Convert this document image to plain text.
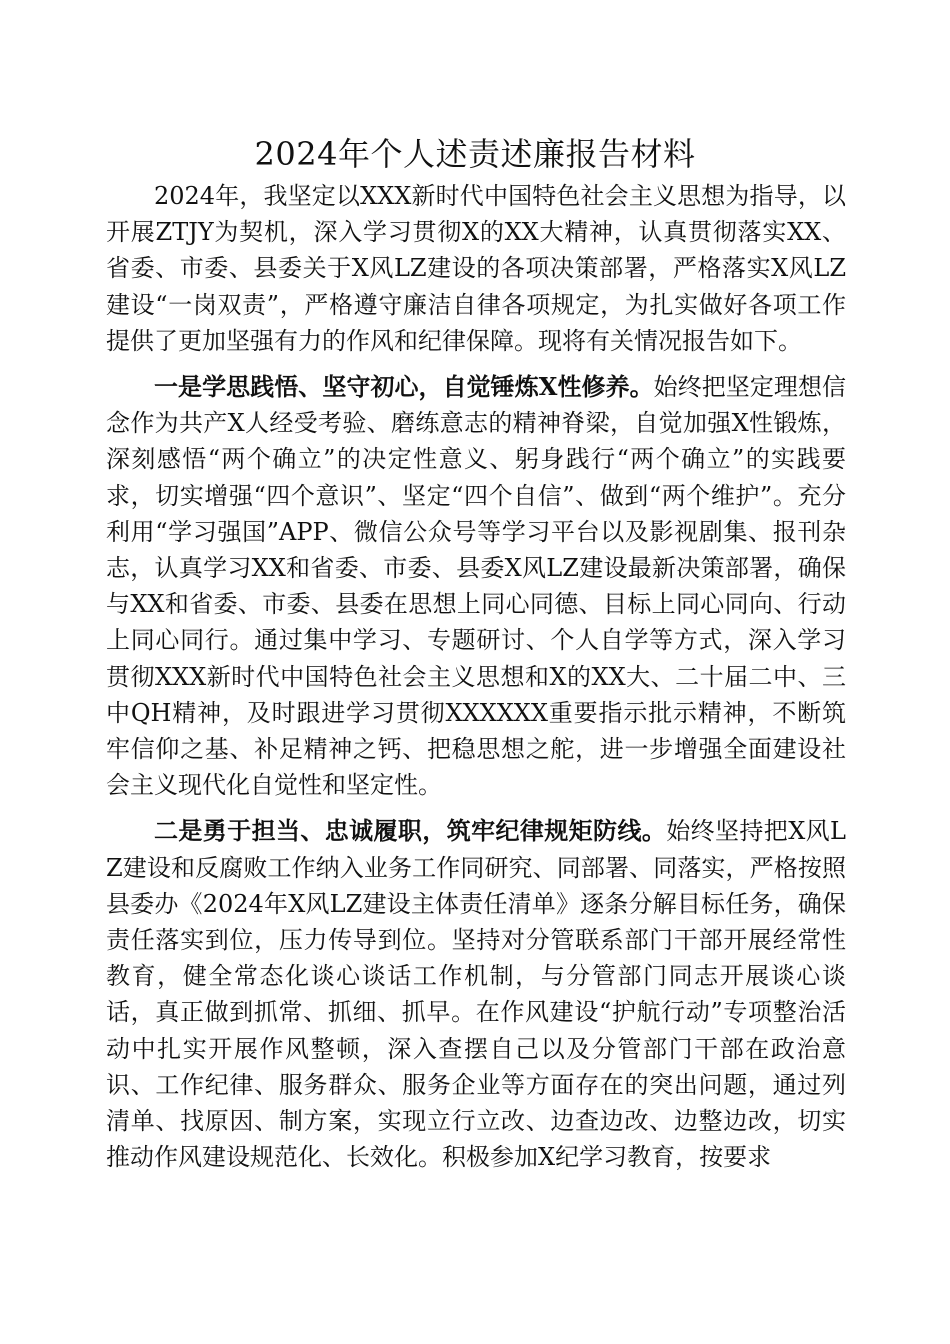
2024年个人述责述廉报告材料

2024年，我坚定以XXX新时代中国特色社会主义思想为指导，以开展ZTJY为契机，深入学习贯彻X的XX大精神，认真贯彻落实XX、省委、市委、县委关于X风LZ建设的各项决策部署，严格落实X风LZ建设“一岗双责”，严格遵守廉洁自律各项规定，为扎实做好各项工作提供了更加坚强有力的作风和纪律保障。现将有关情况报告如下。

一是学思践悟、坚守初心，自觉锤炼X性修养。始终把坚定理想信念作为共产X人经受考验、磨练意志的精神脊梁，自觉加强X性锻炼，深刻感悟“两个确立”的决定性意义、躬身践行“两个确立”的实践要求，切实增强“四个意识”、坚定“四个自信”、做到“两个维护”。充分利用“学习强国”APP、微信公众号等学习平台以及影视剧集、报刊杂志，认真学习XX和省委、市委、县委X风LZ建设最新决策部署，确保与XX和省委、市委、县委在思想上同心同德、目标上同心同向、行动上同心同行。通过集中学习、专题研讨、个人自学等方式，深入学习贯彻XXX新时代中国特色社会主义思想和X的XX大、二十届二中、三中QH精神，及时跟进学习贯彻XXXXXX重要指示批示精神，不断筑牢信仰之基、补足精神之钙、把稳思想之舵，进一步增强全面建设社会主义现代化自觉性和坚定性。

二是勇于担当、忠诚履职，筑牢纪律规矩防线。始终坚持把X风LZ建设和反腐败工作纳入业务工作同研究、同部署、同落实，严格按照县委办《2024年X风LZ建设主体责任清单》逐条分解目标任务，确保责任落实到位，压力传导到位。坚持对分管联系部门干部开展经常性教育，健全常态化谈心谈话工作机制，与分管部门同志开展谈心谈话，真正做到抓常、抓细、抓早。在作风建设“护航行动”专项整治活动中扎实开展作风整顿，深入查摆自己以及分管部门干部在政治意识、工作纪律、服务群众、服务企业等方面存在的突出问题，通过列清单、找原因、制方案，实现立行立改、边查边改、边整边改，切实推动作风建设规范化、长效化。积极参加X纪学习教育，按要求
